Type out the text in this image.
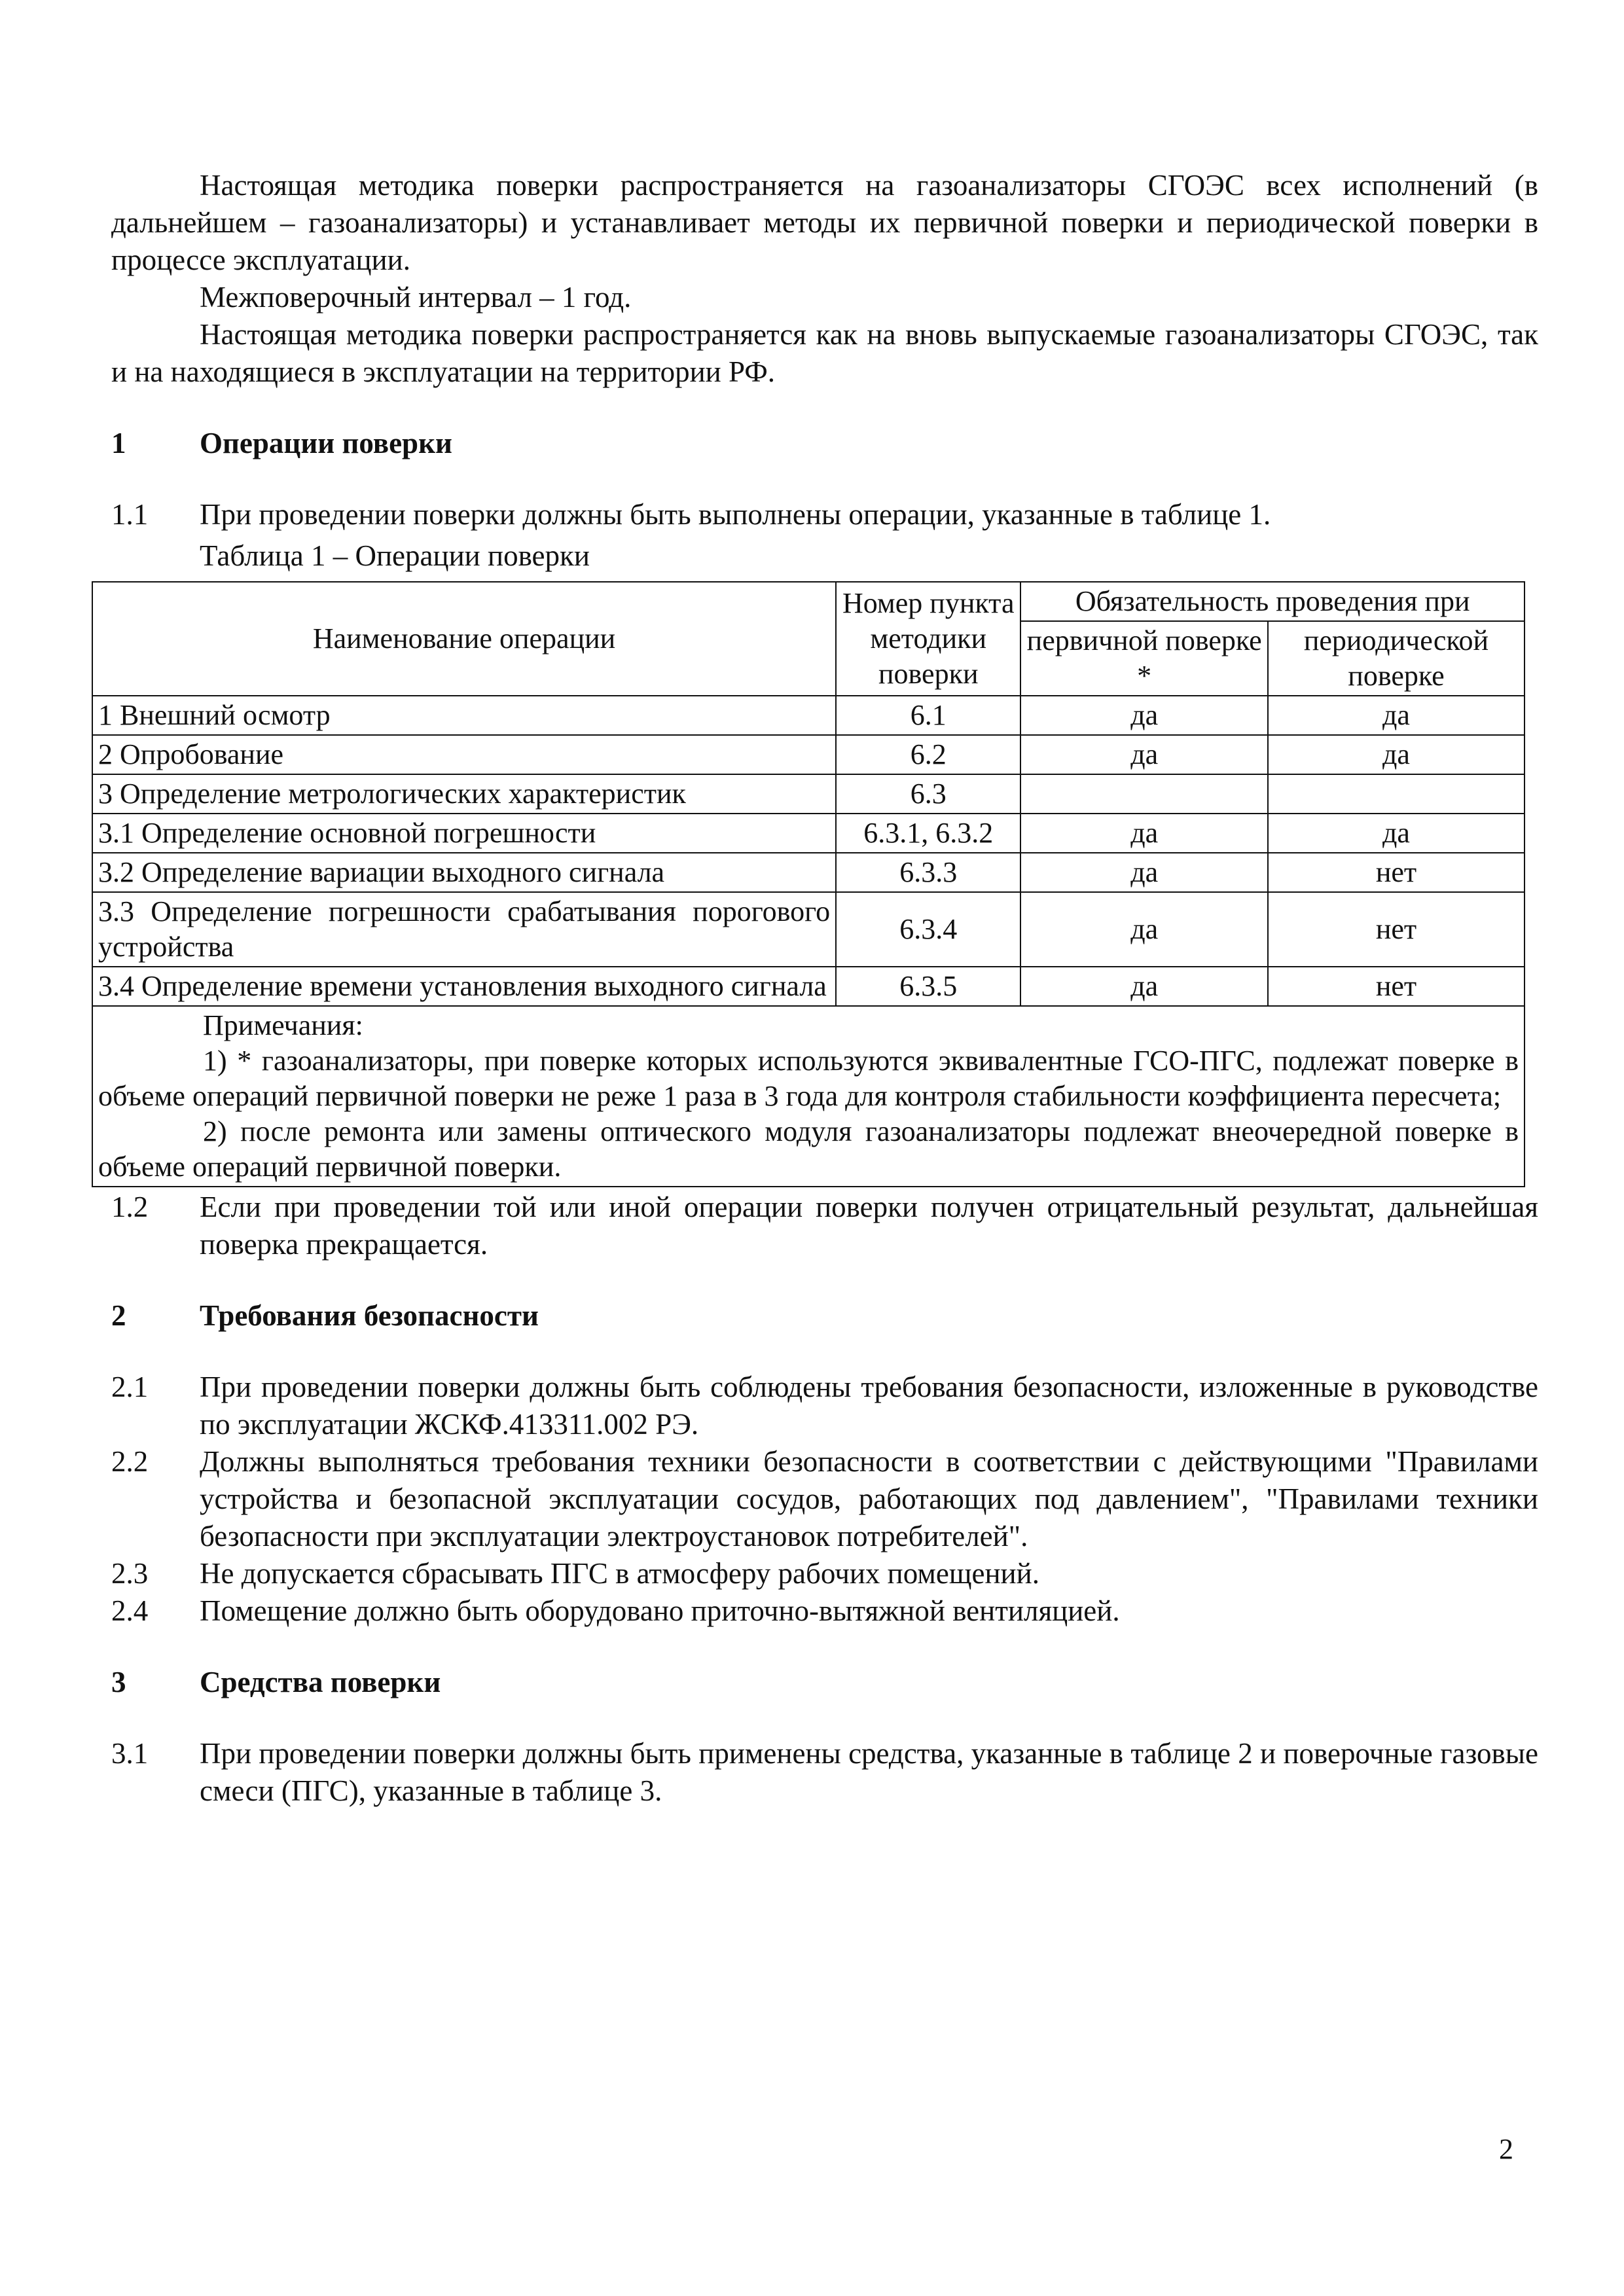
Настоящая методика поверки распространяется на газоанализаторы СГОЭС всех исполнений (в дальнейшем – газоанализаторы) и устанавливает методы их первичной поверки и периодической поверки в процессе эксплуатации.

Межповерочный интервал – 1 год.

Настоящая методика поверки распространяется как на вновь выпускаемые газоанализаторы СГОЭС, так и на находящиеся в эксплуатации на территории РФ.

1	Операции поверки
1.1	При проведении поверки должны быть выполнены операции, указанные в таблице 1.
Таблица 1 – Операции поверки
Наименование операции	Номер пункта методики поверки	Обязательность проведения при	
		первичной поверке *	периодической поверке
1 Внешний осмотр	6.1	да	да
2 Опробование	6.2	да	да
3 Определение метрологических характеристик	6.3		
3.1 Определение основной погрешности	6.3.1, 6.3.2	да	да
3.2 Определение вариации выходного сигнала	6.3.3	да	нет
3.3 Определение погрешности срабатывания порогового устройства	6.3.4	да	нет
3.4 Определение времени установления выходного сигнала	6.3.5	да	нет

Примечания:

1) * газоанализаторы, при поверке которых используются эквивалентные ГСО-ПГС, подлежат поверке в объеме операций первичной поверки не реже 1 раза в 3 года для контроля стабильности коэффициента пересчета;

2) после ремонта или замены оптического модуля газоанализаторы подлежат внеочередной поверке в объеме операций первичной поверки.			

1.2	Если при проведении той или иной операции поверки получен отрицательный результат, дальнейшая поверка прекращается.
2	Требования безопасности
2.1	При проведении поверки должны быть соблюдены требования безопасности, изложенные в руководстве по эксплуатации ЖСКФ.413311.002 РЭ.
2.2	Должны выполняться требования техники безопасности в соответствии с действующими "Правилами устройства и безопасной эксплуатации сосудов, работающих под давлением", "Правилами техники безопасности при эксплуатации электроустановок потребителей".
2.3	Не допускается сбрасывать ПГС в атмосферу рабочих помещений.
2.4	Помещение должно быть оборудовано приточно-вытяжной вентиляцией.
3	Средства поверки
3.1	При проведении поверки должны быть применены средства, указанные в таблице 2 и поверочные газовые смеси (ПГС), указанные в таблице 3.
2
